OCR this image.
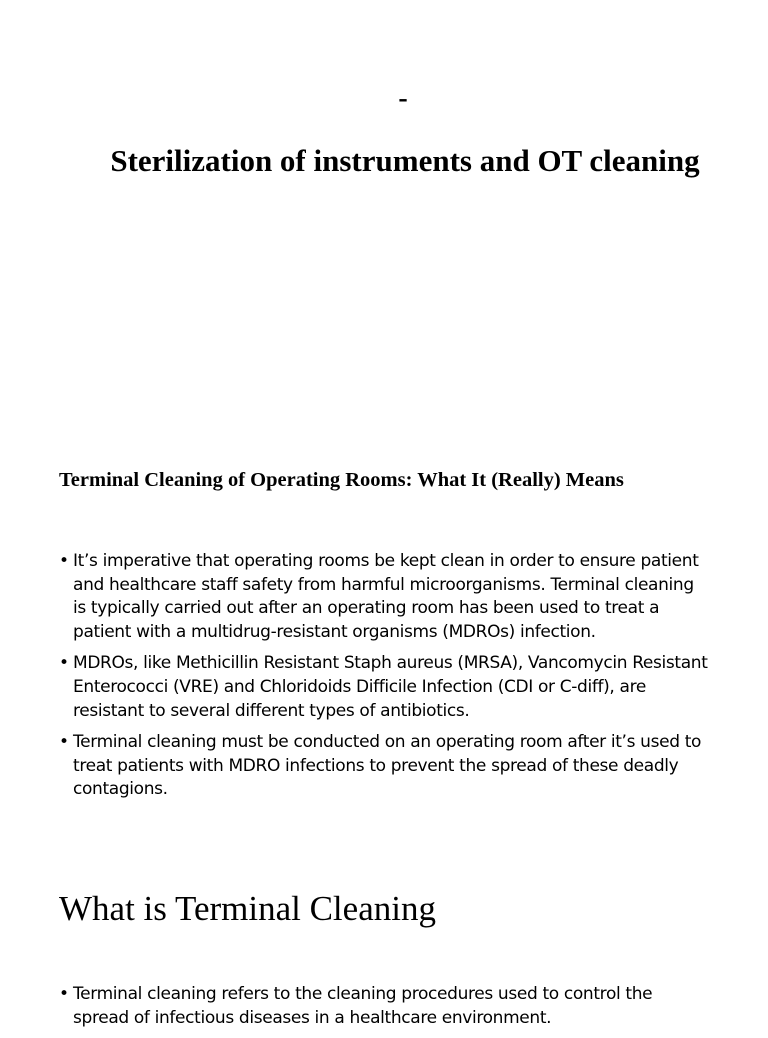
-
Sterilization of instruments and OT cleaning
Terminal Cleaning of Operating Rooms: What It (Really) Means
• It’s imperative that operating rooms be kept clean in order to ensure patient and healthcare staff safety from harmful microorganisms. Terminal cleaning is typically carried out after an operating room has been used to treat a patient with a multidrug-resistant organisms (MDROs) infection.
• MDROs, like Methicillin Resistant Staph aureus (MRSA), Vancomycin Resistant Enterococci (VRE) and Chloridoids Difficile Infection (CDI or C-diff), are resistant to several different types of antibiotics.
• Terminal cleaning must be conducted on an operating room after it’s used to treat patients with MDRO infections to prevent the spread of these deadly contagions.
What is Terminal Cleaning
• Terminal cleaning refers to the cleaning procedures used to control the spread of infectious diseases in a healthcare environment.
